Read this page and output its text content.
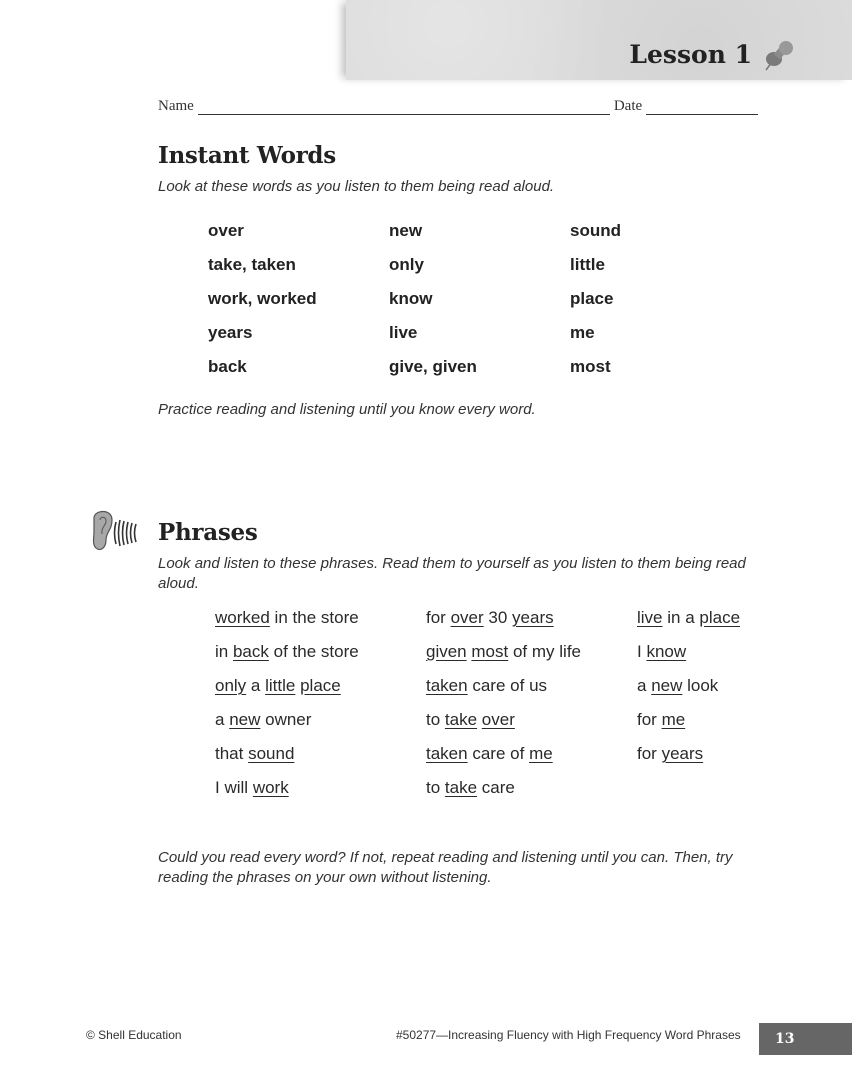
Lesson 1
Name	Date
Instant Words
Look at these words as you listen to them being read aloud.
over	new	sound
take, taken	only	little
work, worked	know	place
years	live	me
back	give, given	most
Practice reading and listening until you know every word.
Phrases
Look and listen to these phrases. Read them to yourself as you listen to them being read aloud.
worked in the store	for over 30 years	live in a place
in back of the store	given most of my life	I know
only a little place	taken care of us	a new look
a new owner	to take over	for me
that sound	taken care of me	for years
I will work	to take care
Could you read every word? If not, repeat reading and listening until you can. Then, try reading the phrases on your own without listening.
© Shell Education	#50277—Increasing Fluency with High Frequency Word Phrases	13
